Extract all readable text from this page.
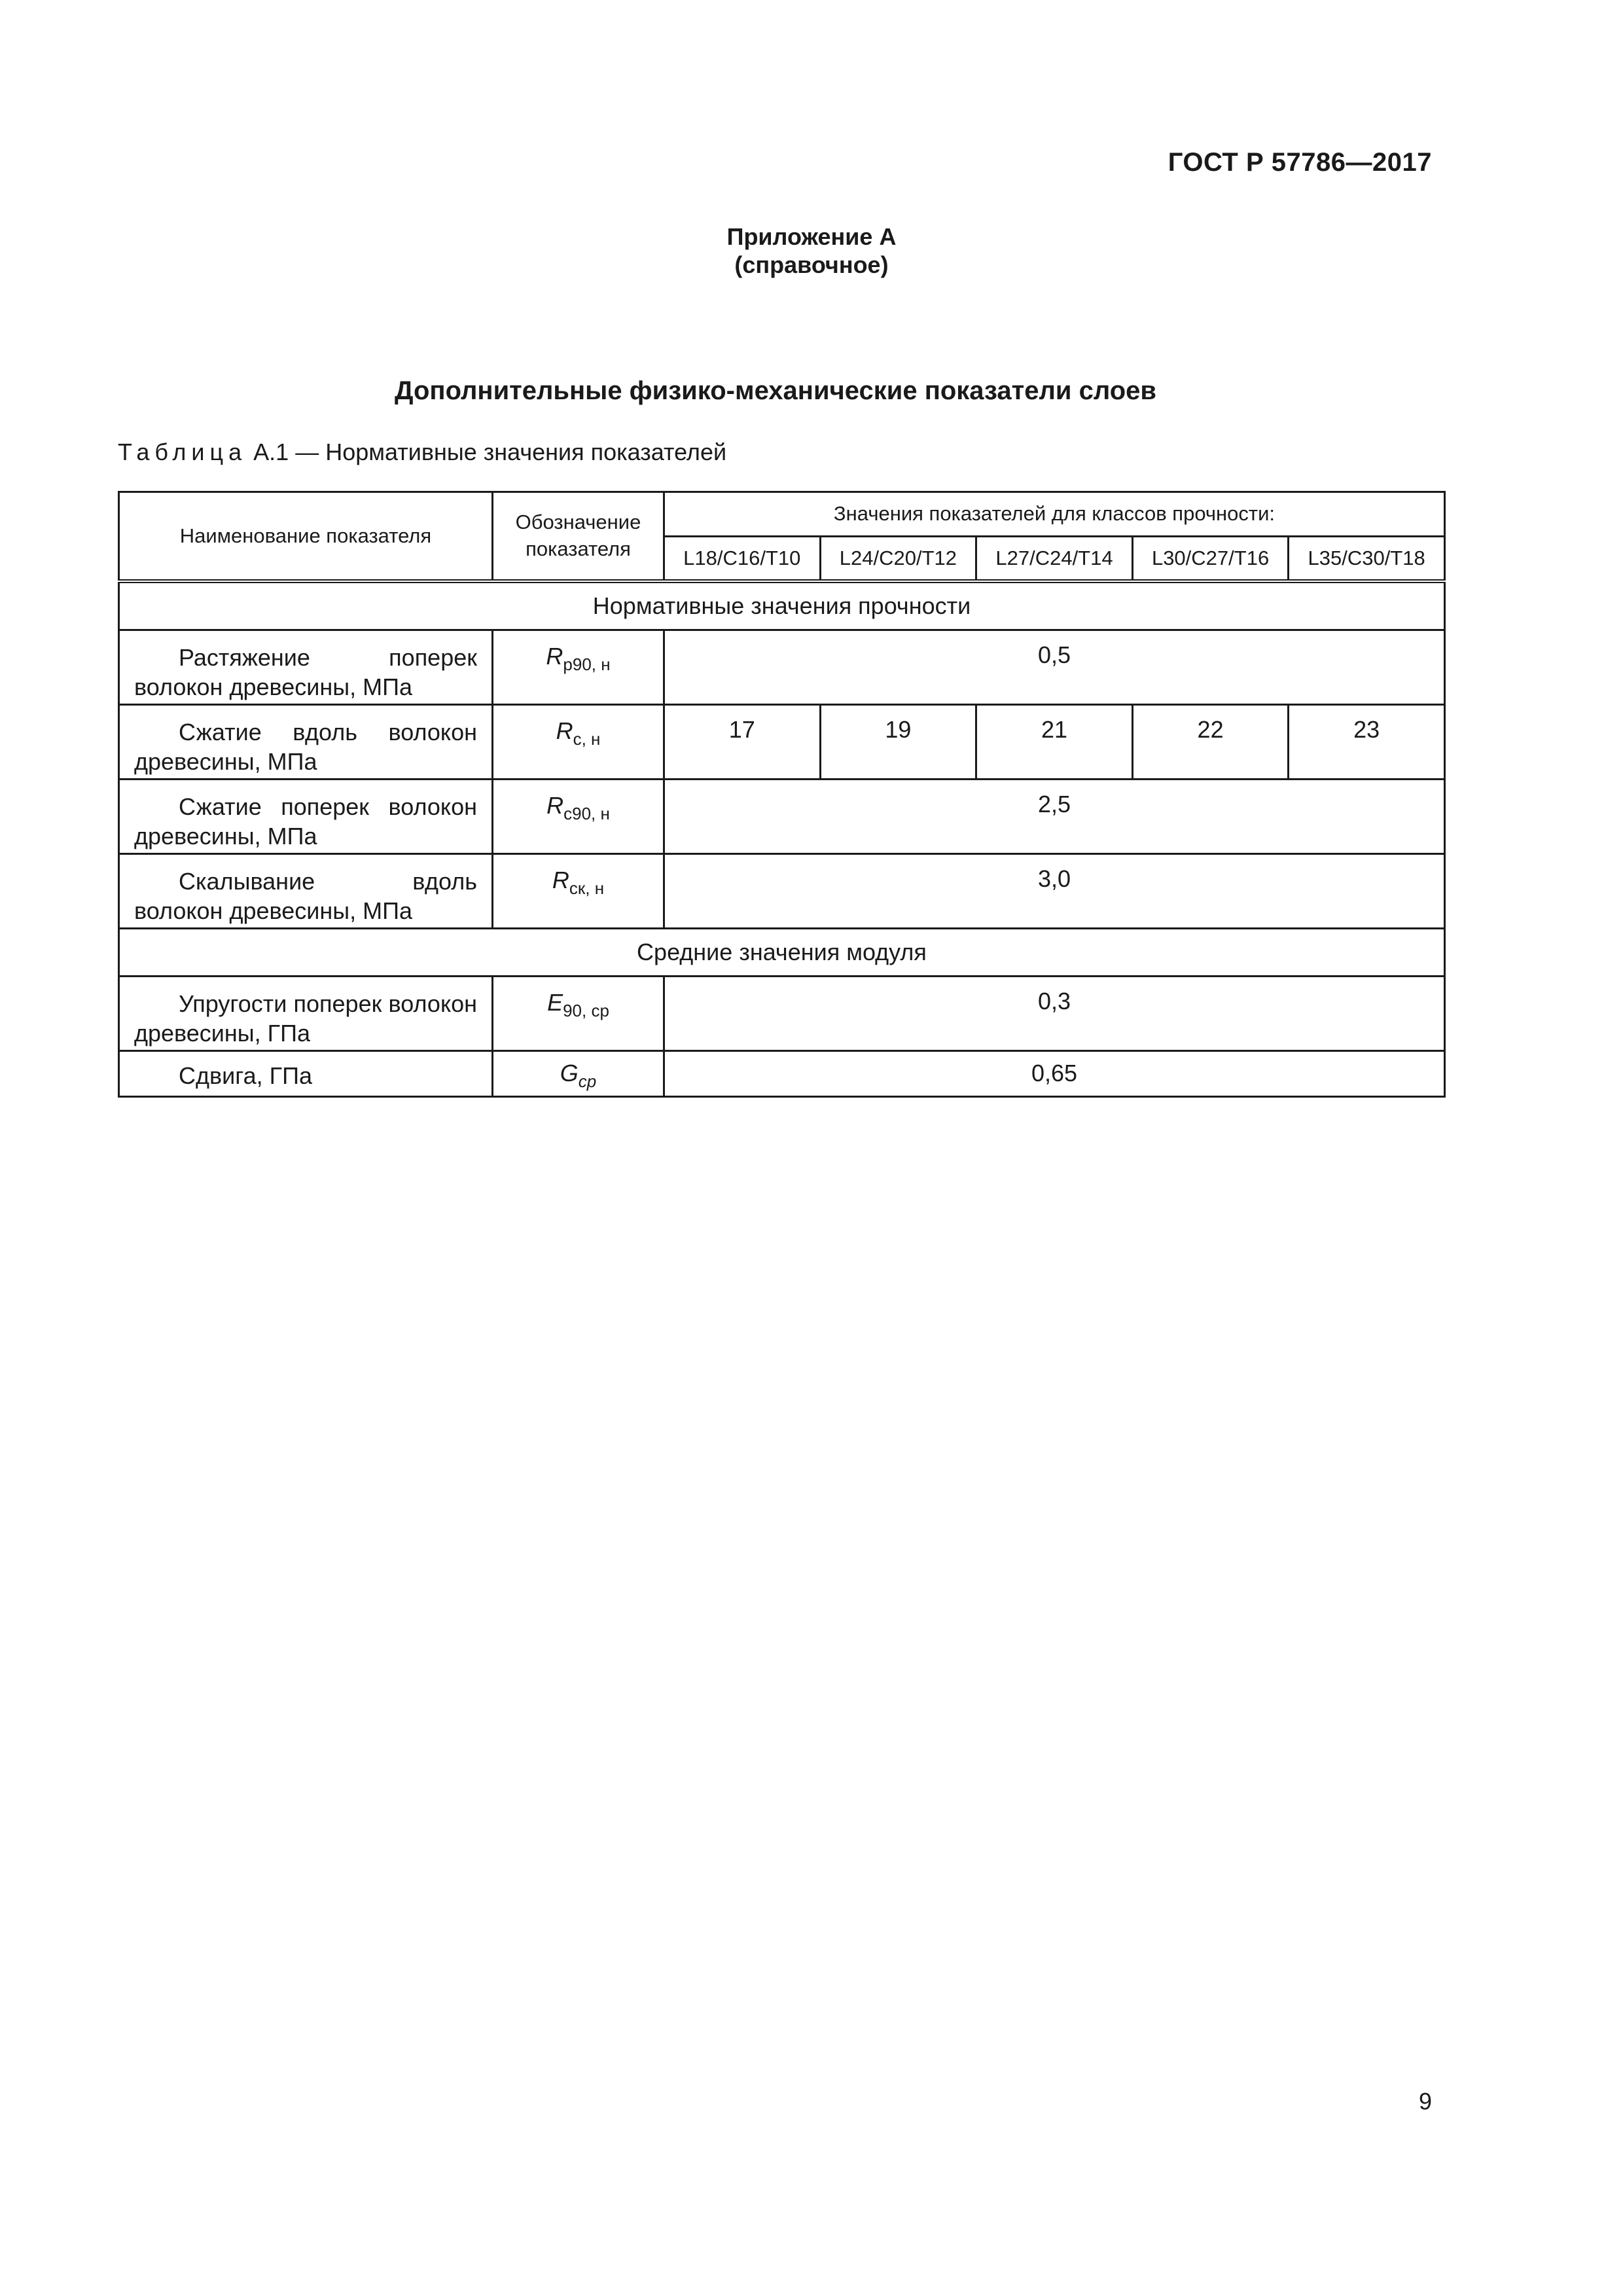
ГОСТ Р 57786—2017
Приложение А
(справочное)
Дополнительные физико-механические показатели слоев
Таблица А.1 — Нормативные значения показателей
Наименование показателя	Обозначение показателя	Значения показателей для классов прочности:				
		L18/C16/T10	L24/C20/T12	L27/C24/T14	L30/C27/T16	L35/C30/T18
Нормативные значения прочности						
Растяжение поперек волокон древесины, МПа	$R_{р90, н}$	0,5				
Сжатие вдоль волокон древесины, МПа	$R_{c, н}$	17	19	21	22	23
Сжатие поперек волокон древесины, МПа	$R_{c90, н}$	2,5				
Скалывание вдоль волокон древесины, МПа	$R_{ск, н}$	3,0				
Средние значения модуля						
Упругости поперек волокон древесины, ГПа	$E_{90, ср}$	0,3				
Сдвига, ГПа	$G_{ср}$	0,65				
9
